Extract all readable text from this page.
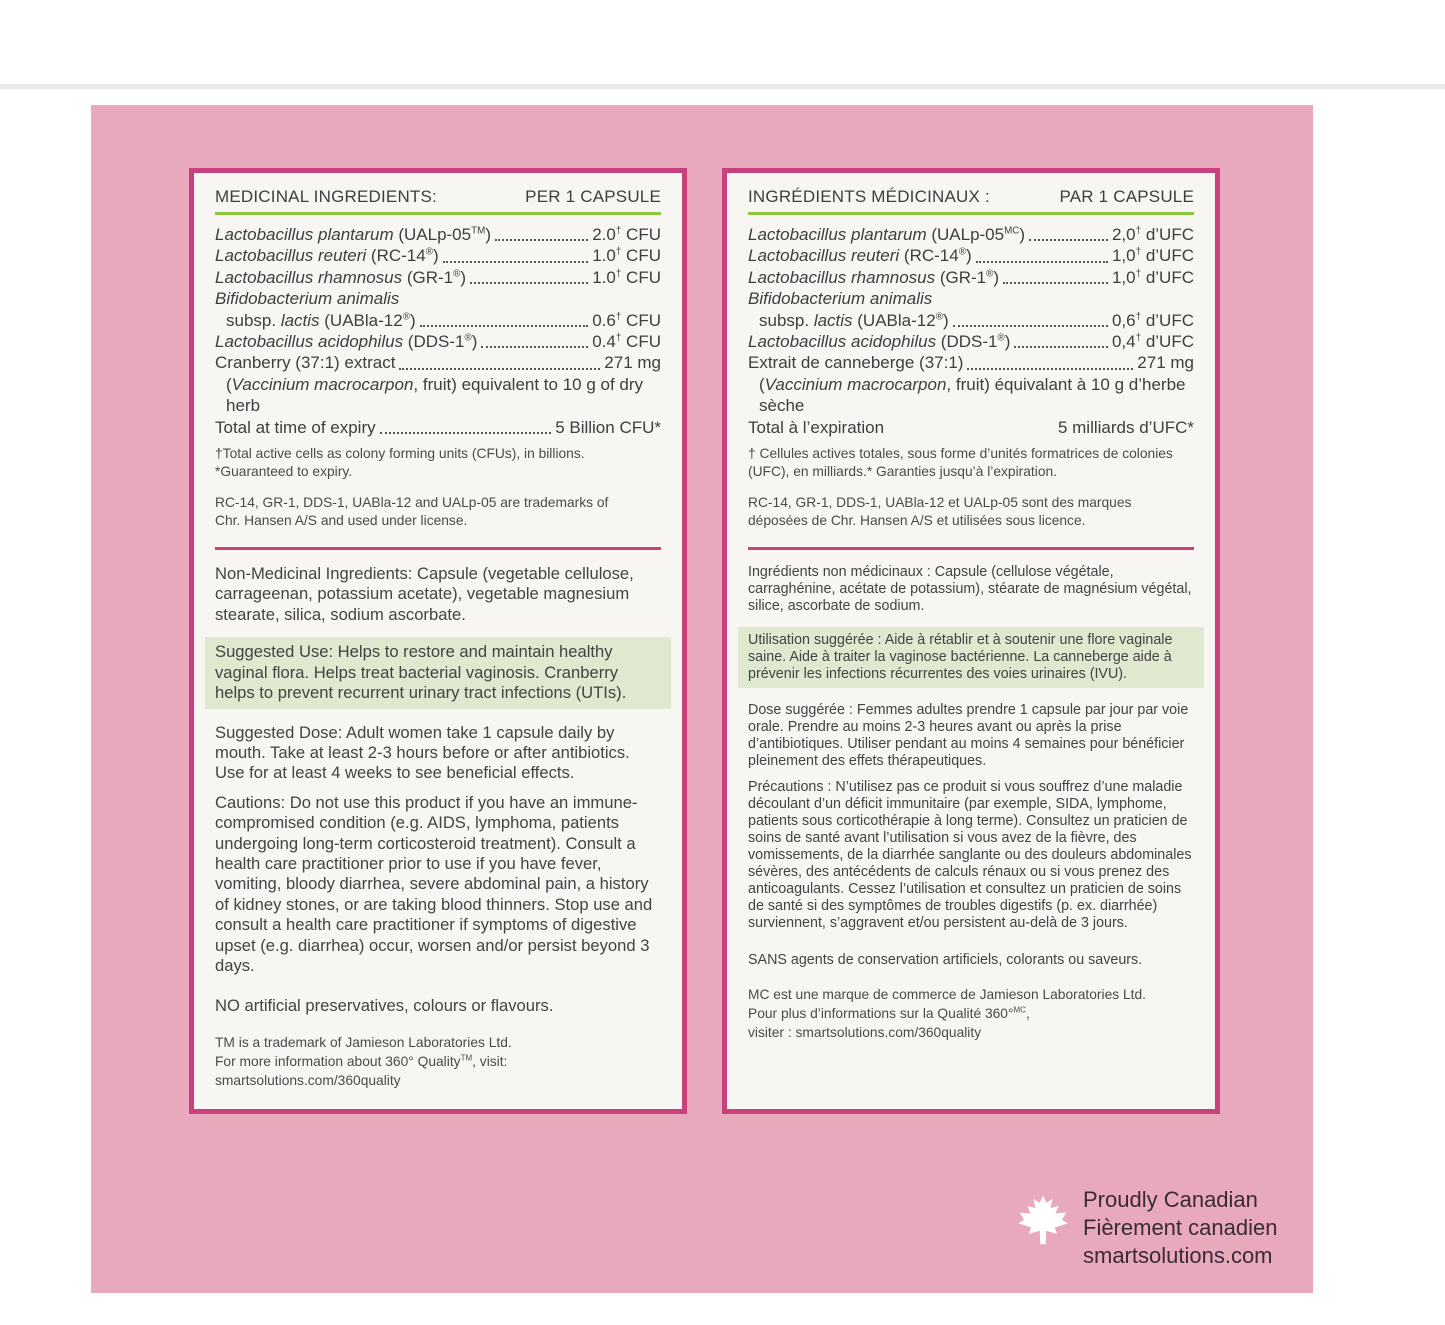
MEDICINAL INGREDIENTS:	PER 1 CAPSULE
Lactobacillus plantarum (UALp-05™)	2.0† CFU
Lactobacillus reuteri (RC-14®)	1.0† CFU
Lactobacillus rhamnosus (GR-1®)	1.0† CFU
Bifidobacterium animalis
subsp. lactis (UABla-12®)	0.6† CFU
Lactobacillus acidophilus (DDS-1®)	0.4† CFU
Cranberry (37:1) extract	271 mg
(Vaccinium macrocarpon, fruit) equivalent to 10 g of dry herb
Total at time of expiry	5 Billion CFU*
†Total active cells as colony forming units (CFUs), in billions.
*Guaranteed to expiry.
RC-14, GR-1, DDS-1, UABla-12 and UALp-05 are trademarks of
Chr. Hansen A/S and used under license.

Non-Medicinal Ingredients: Capsule (vegetable cellulose, carrageenan, potassium acetate), vegetable magnesium stearate, silica, sodium ascorbate.

Suggested Use: Helps to restore and maintain healthy vaginal flora. Helps treat bacterial vaginosis. Cranberry helps to prevent recurrent urinary tract infections (UTIs).

Suggested Dose: Adult women take 1 capsule daily by mouth. Take at least 2-3 hours before or after antibiotics. Use for at least 4 weeks to see beneficial effects.

Cautions: Do not use this product if you have an immune- compromised condition (e.g. AIDS, lymphoma, patients undergoing long-term corticosteroid treatment). Consult a health care practitioner prior to use if you have fever, vomiting, bloody diarrhea, severe abdominal pain, a history of kidney stones, or are taking blood thinners. Stop use and consult a health care practitioner if symptoms of digestive upset (e.g. diarrhea) occur, worsen and/or persist beyond 3 days.

NO artificial preservatives, colours or flavours.

TM is a trademark of Jamieson Laboratories Ltd.
For more information about 360° Quality™, visit:
smartsolutions.com/360quality
INGRÉDIENTS MÉDICINAUX :	PAR 1 CAPSULE
Lactobacillus plantarum $(UALp-05^{MC})$	2,0† d’UFC
Lactobacillus reuteri (RC-14®)	1,0† d’UFC
Lactobacillus rhamnosus (GR-1®)	1,0† d’UFC
Bifidobacterium animalis
subsp. lactis (UABla-12®)	0,6† d’UFC
Lactobacillus acidophilus (DDS-1®)	0,4† d’UFC
Extrait de canneberge (37:1)	271 mg
(Vaccinium macrocarpon, fruit) équivalant à 10 g d’herbe sèche
Total à l’expiration	5 milliards d’UFC*
† Cellules actives totales, sous forme d’unités formatrices de colonies
(UFC), en milliards.* Garanties jusqu’à l’expiration.
RC-14, GR-1, DDS-1, UABla-12 et UALp-05 sont des marques
déposées de Chr. Hansen A/S et utilisées sous licence.

Ingrédients non médicinaux : Capsule (cellulose végétale, carraghénine, acétate de potassium), stéarate de magnésium végétal, silice, ascorbate de sodium.

Utilisation suggérée : Aide à rétablir et à soutenir une flore vaginale saine. Aide à traiter la vaginose bactérienne. La canneberge aide à prévenir les infections récurrentes des voies urinaires (IVU).

Dose suggérée : Femmes adultes prendre 1 capsule par jour par voie orale. Prendre au moins 2-3 heures avant ou après la prise d’antibiotiques. Utiliser pendant au moins 4 semaines pour bénéficier pleinement des effets thérapeutiques.

Précautions : N’utilisez pas ce produit si vous souffrez d’une maladie découlant d’un déficit immunitaire (par exemple, SIDA, lymphome, patients sous corticothérapie à long terme). Consultez un praticien de soins de santé avant l’utilisation si vous avez de la fièvre, des vomissements, de la diarrhée sanglante ou des douleurs abdominales sévères, des antécédents de calculs rénaux ou si vous prenez des anticoagulants. Cessez l’utilisation et consultez un praticien de soins de santé si des symptômes de troubles digestifs (p. ex. diarrhée) surviennent, s’aggravent et/ou persistent au-delà de 3 jours.

SANS agents de conservation artificiels, colorants ou saveurs.

MC est une marque de commerce de Jamieson Laboratories Ltd.
Pour plus d’informations sur la Qualité 360°$^{MC}$,
visiter : smartsolutions.com/360quality
Proudly Canadian
Fièrement canadien
smartsolutions.com
